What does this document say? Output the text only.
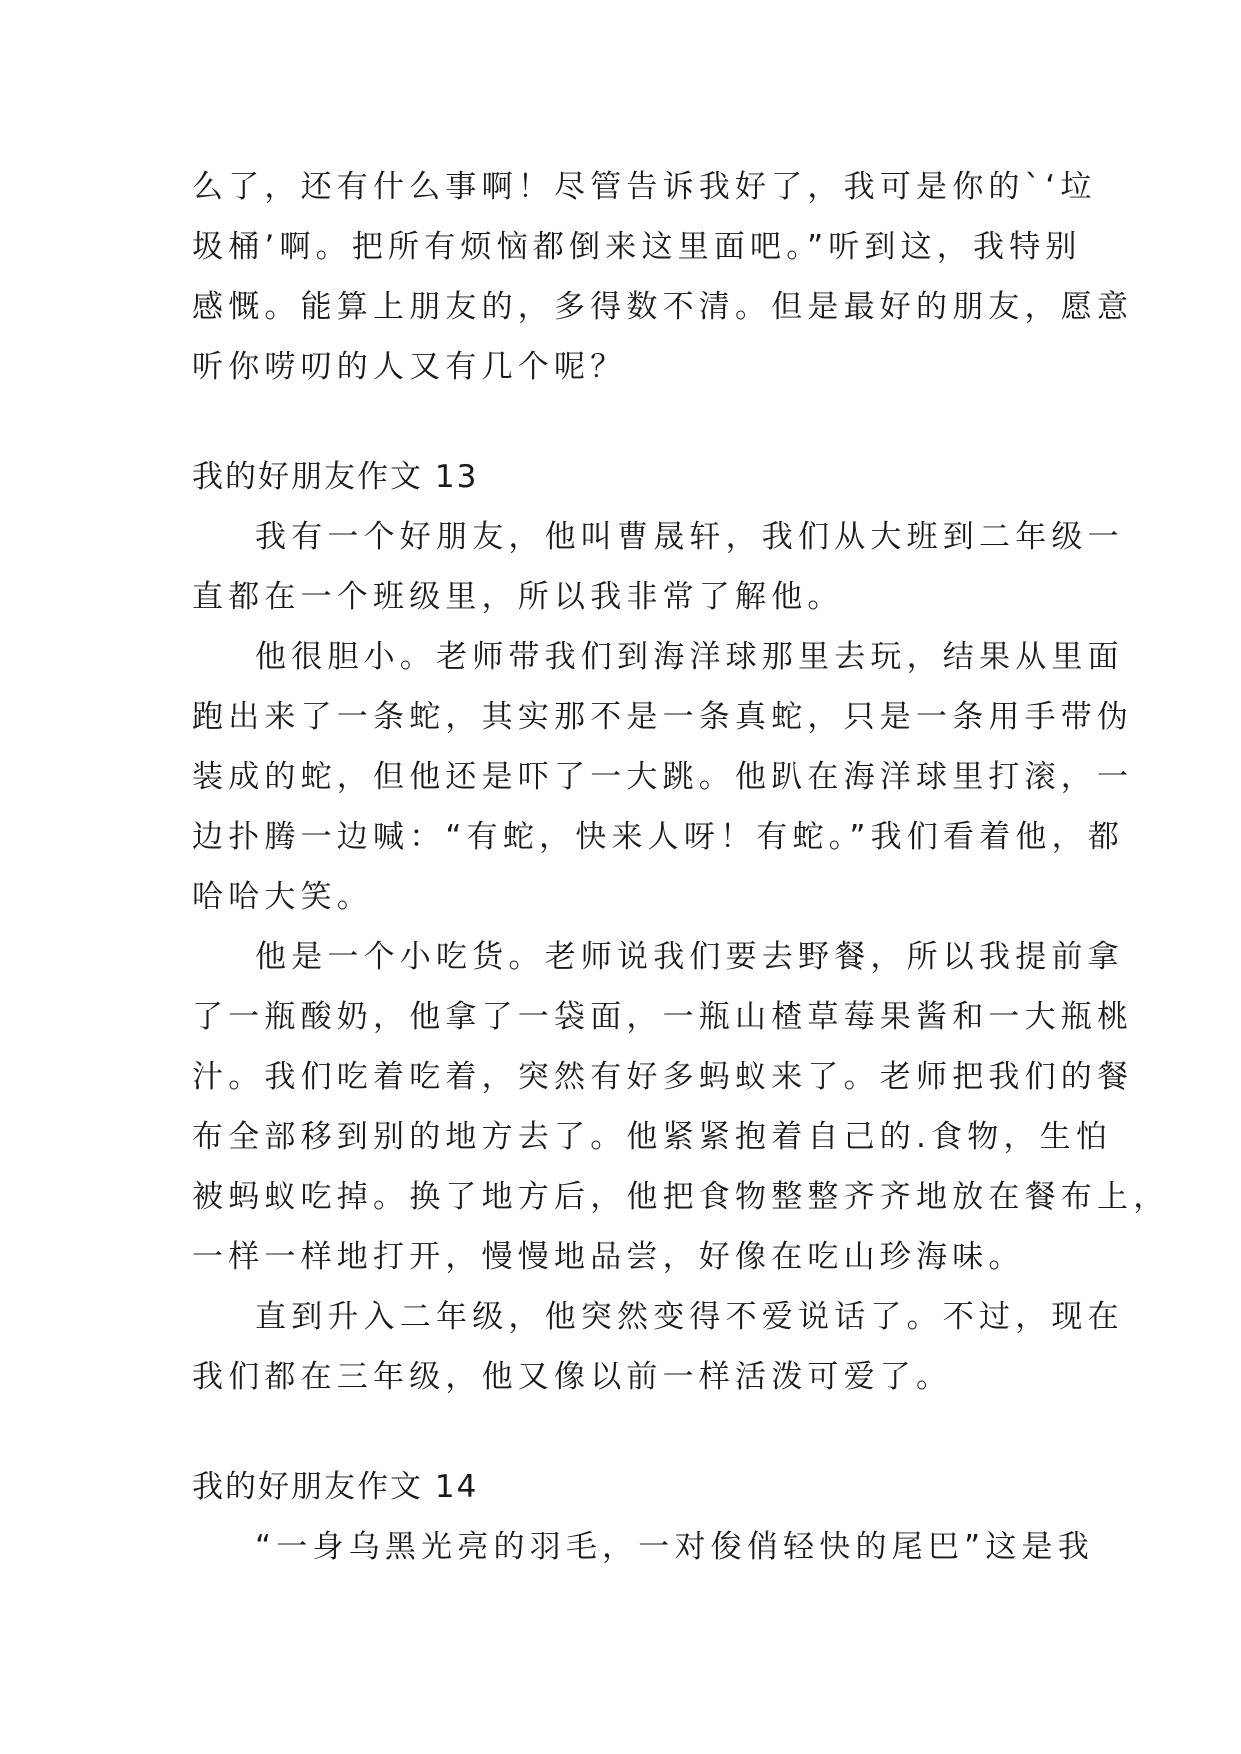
么了，还有什么事啊！尽管告诉我好了，我可是你的`‘垃
圾桶’啊。把所有烦恼都倒来这里面吧。”听到这，我特别
感慨。能算上朋友的，多得数不清。但是最好的朋友，愿意
听你唠叨的人又有几个呢？
我的好朋友作文 13
我有一个好朋友，他叫曹晟轩，我们从大班到二年级一
直都在一个班级里，所以我非常了解他。
他很胆小。老师带我们到海洋球那里去玩，结果从里面
跑出来了一条蛇，其实那不是一条真蛇，只是一条用手带伪
装成的蛇，但他还是吓了一大跳。他趴在海洋球里打滚，一
边扑腾一边喊：“有蛇，快来人呀！有蛇。”我们看着他，都
哈哈大笑。
他是一个小吃货。老师说我们要去野餐，所以我提前拿
了一瓶酸奶，他拿了一袋面，一瓶山楂草莓果酱和一大瓶桃
汁。我们吃着吃着，突然有好多蚂蚁来了。老师把我们的餐
布全部移到别的地方去了。他紧紧抱着自己的.食物，生怕
被蚂蚁吃掉。换了地方后，他把食物整整齐齐地放在餐布上，
一样一样地打开，慢慢地品尝，好像在吃山珍海味。
直到升入二年级，他突然变得不爱说话了。不过，现在
我们都在三年级，他又像以前一样活泼可爱了。
我的好朋友作文 14
“一身乌黑光亮的羽毛，一对俊俏轻快的尾巴”这是我
